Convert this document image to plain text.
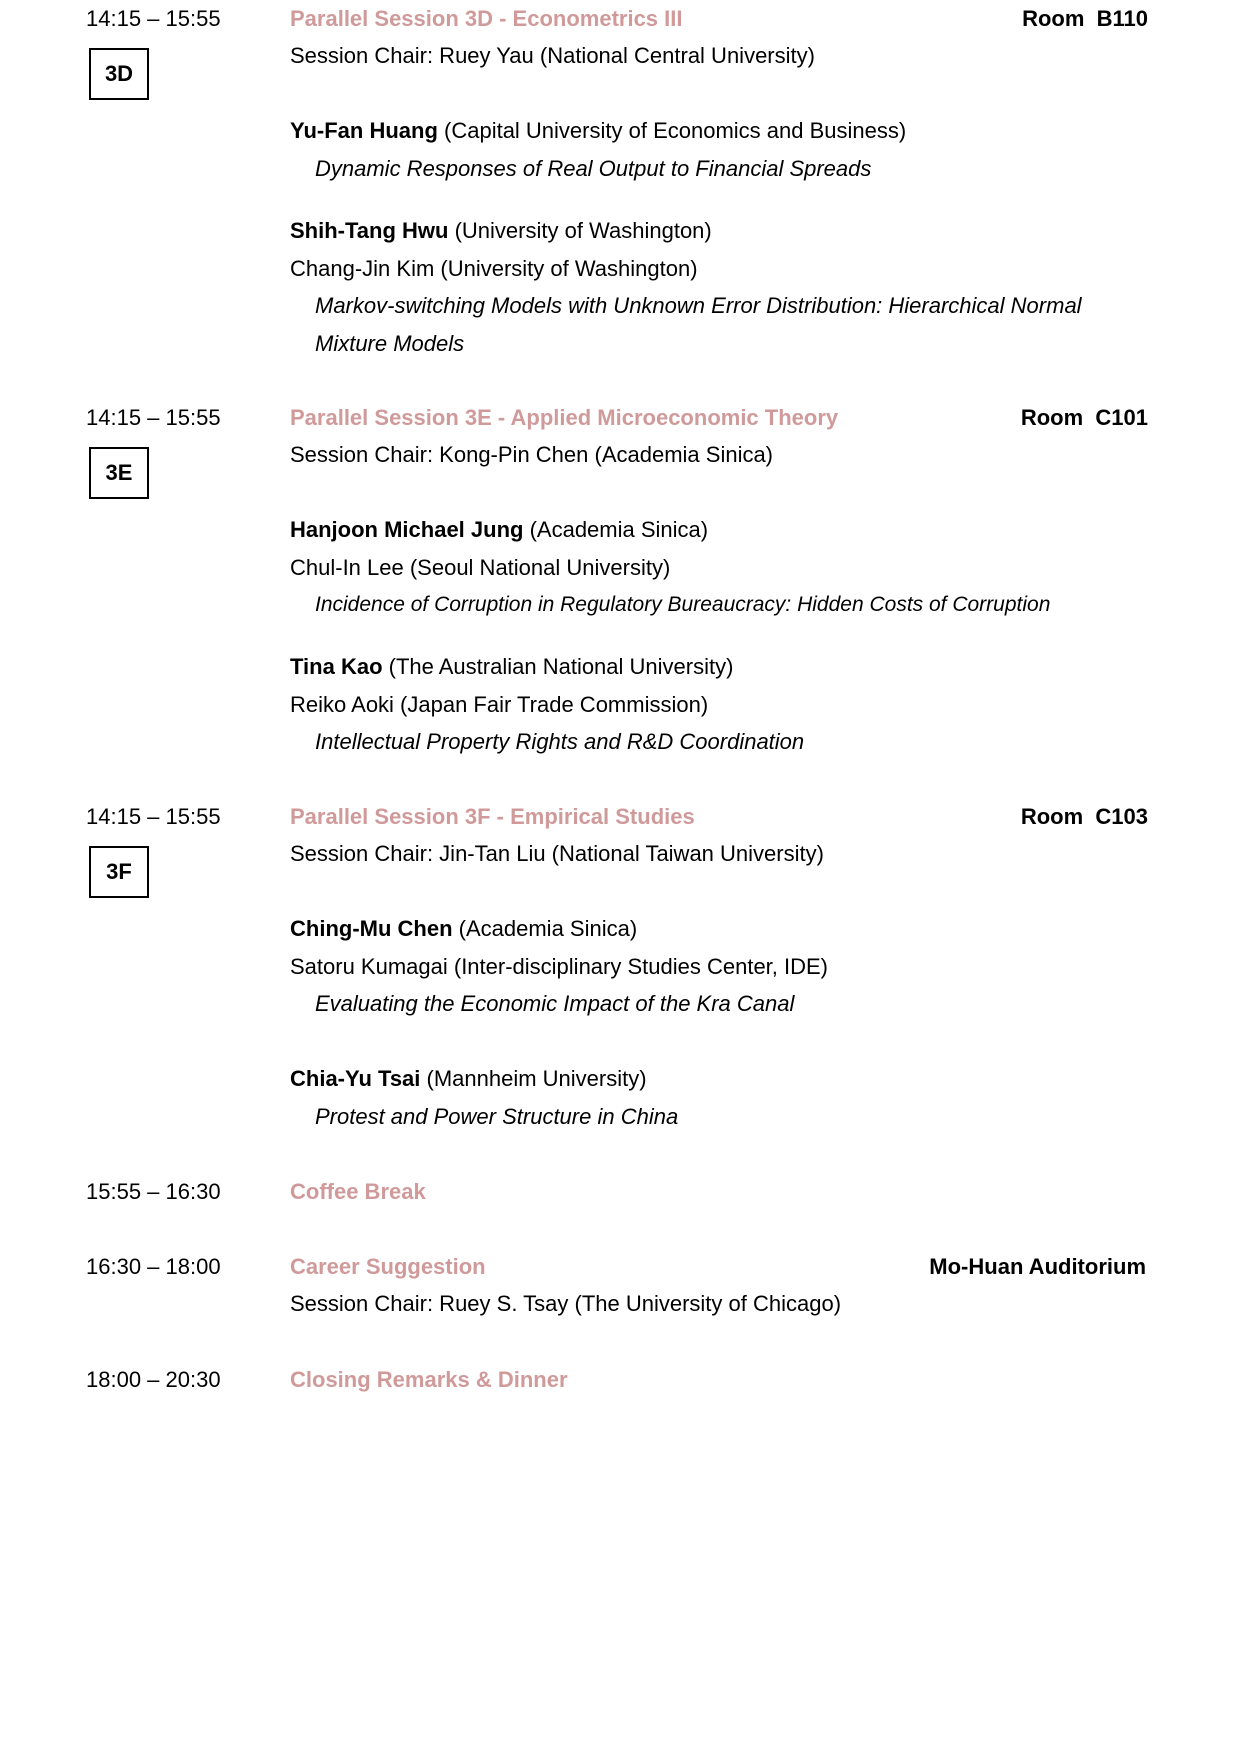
14:15 – 15:55	Parallel Session 3D - Econometrics III	Room  B110
3D
Session Chair: Ruey Yau (National Central University)
Yu-Fan Huang (Capital University of Economics and Business)
Dynamic Responses of Real Output to Financial Spreads
Shih-Tang Hwu (University of Washington)
Chang-Jin Kim (University of Washington)
Markov-switching Models with Unknown Error Distribution: Hierarchical Normal
Mixture Models
14:15 – 15:55	Parallel Session 3E - Applied Microeconomic Theory	Room  C101
3E
Session Chair: Kong-Pin Chen (Academia Sinica)
Hanjoon Michael Jung (Academia Sinica)
Chul-In Lee (Seoul National University)
Incidence of Corruption in Regulatory Bureaucracy: Hidden Costs of Corruption
Tina Kao (The Australian National University)
Reiko Aoki (Japan Fair Trade Commission)
Intellectual Property Rights and R&D Coordination
14:15 – 15:55	Parallel Session 3F - Empirical Studies	Room  C103
3F
Session Chair: Jin-Tan Liu (National Taiwan University)
Ching-Mu Chen (Academia Sinica)
Satoru Kumagai (Inter-disciplinary Studies Center, IDE)
Evaluating the Economic Impact of the Kra Canal
Chia-Yu Tsai (Mannheim University)
Protest and Power Structure in China
15:55 – 16:30	Coffee Break
16:30 – 18:00	Career Suggestion	Mo-Huan Auditorium
Session Chair: Ruey S. Tsay (The University of Chicago)
18:00 – 20:30	Closing Remarks & Dinner
